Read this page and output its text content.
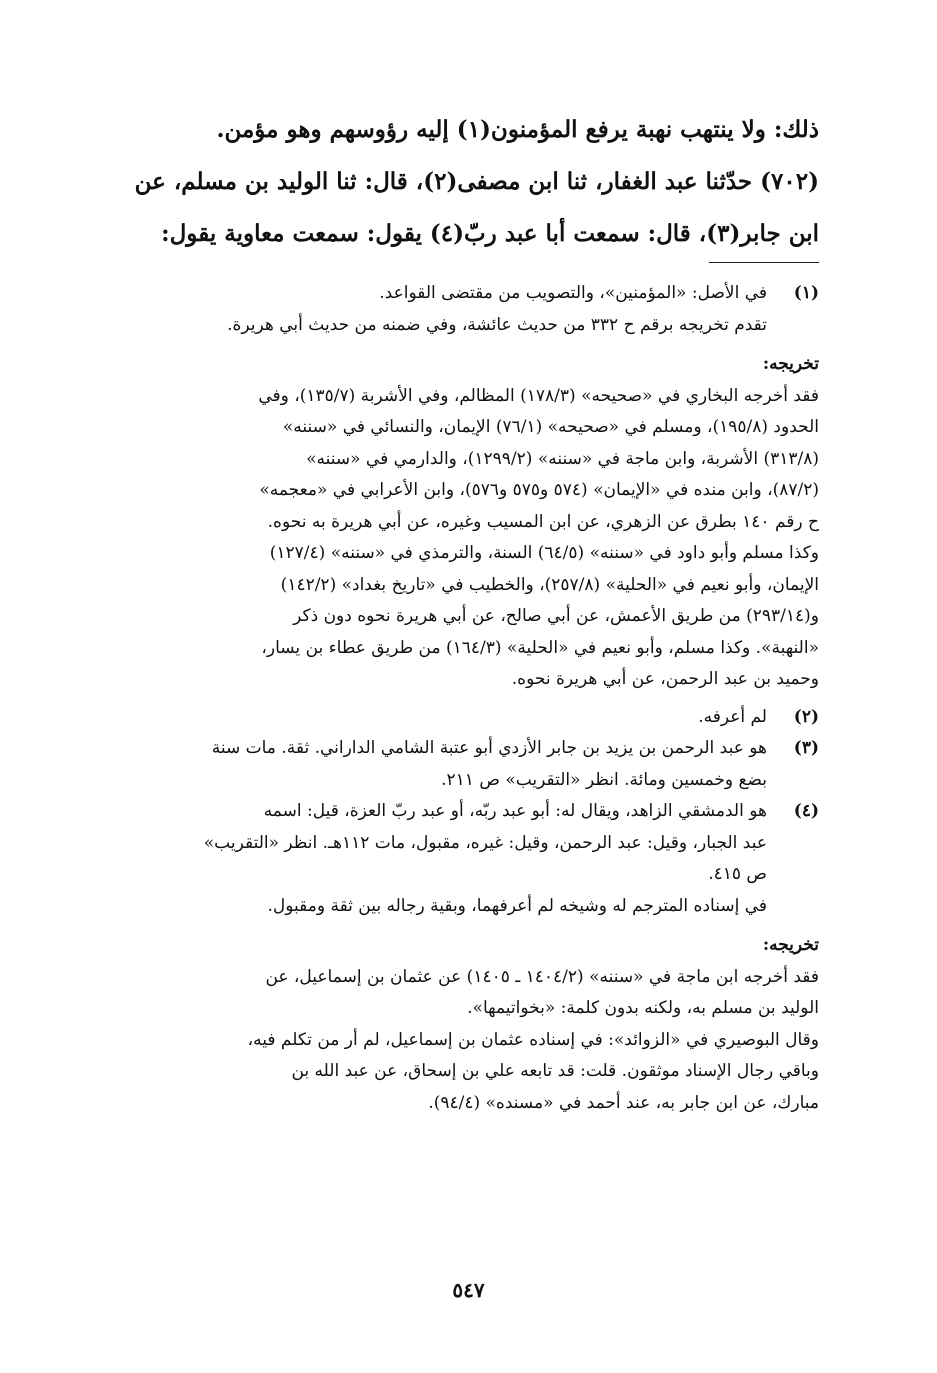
ذلك: ولا ينتهب نهبة يرفع المؤمنون(١) إليه رؤوسهم وهو مؤمن.
(٧٠٢) حدّثنا عبد الغفار، ثنا ابن مصفى(٢)، قال: ثنا الوليد بن مسلم، عن
ابن جابر(٣)، قال: سمعت أبا عبد ربّ(٤) يقول: سمعت معاوية يقول:
(١)
في الأصل: «المؤمنين»، والتصويب من مقتضى القواعد.
تقدم تخريجه برقم ح ٣٣٢ من حديث عائشة، وفي ضمنه من حديث أبي هريرة.
تخريجه:
فقد أخرجه البخاري في «صحيحه» (١٧٨/٣) المظالم، وفي الأشربة (١٣٥/٧)، وفي
الحدود (١٩٥/٨)، ومسلم في «صحيحه» (٧٦/١) الإيمان، والنسائي في «سننه»
(٣١٣/٨) الأشربة، وابن ماجة في «سننه» (١٢٩٩/٢)، والدارمي في «سننه»
(٨٧/٢)، وابن منده في «الإيمان» (٥٧٤ و٥٧٥ و٥٧٦)، وابن الأعرابي في «معجمه»
ح رقم ١٤٠ بطرق عن الزهري، عن ابن المسيب وغيره، عن أبي هريرة به نحوه.
وكذا مسلم وأبو داود في «سننه» (٦٤/٥) السنة، والترمذي في «سننه» (١٢٧/٤)
الإيمان، وأبو نعيم في «الحلية» (٢٥٧/٨)، والخطيب في «تاريخ بغداد» (١٤٢/٢)
و(٢٩٣/١٤) من طريق الأعمش، عن أبي صالح، عن أبي هريرة نحوه دون ذكر
«النهبة». وكذا مسلم، وأبو نعيم في «الحلية» (١٦٤/٣) من طريق عطاء بن يسار،
وحميد بن عبد الرحمن، عن أبي هريرة نحوه.
(٢)
لم أعرفه.
(٣)
هو عبد الرحمن بن يزيد بن جابر الأزدي أبو عتبة الشامي الداراني. ثقة. مات سنة
بضع وخمسين ومائة. انظر «التقريب» ص ٢١١.
(٤)
هو الدمشقي الزاهد، ويقال له: أبو عبد ربّه، أو عبد ربّ العزة، قيل: اسمه
عبد الجبار، وقيل: عبد الرحمن، وقيل: غيره، مقبول، مات ١١٢هـ. انظر «التقريب»
ص ٤١٥.
في إسناده المترجم له وشيخه لم أعرفهما، وبقية رجاله بين ثقة ومقبول.
تخريجه:
فقد أخرجه ابن ماجة في «سننه» (١٤٠٤/٢ ـ ١٤٠٥) عن عثمان بن إسماعيل، عن
الوليد بن مسلم به، ولكنه بدون كلمة: «بخواتيمها».
وقال البوصيري في «الزوائد»: في إسناده عثمان بن إسماعيل، لم أر من تكلم فيه،
وباقي رجال الإسناد موثقون. قلت: قد تابعه علي بن إسحاق، عن عبد الله بن
مبارك، عن ابن جابر به، عند أحمد في «مسنده» (٩٤/٤).
٥٤٧
